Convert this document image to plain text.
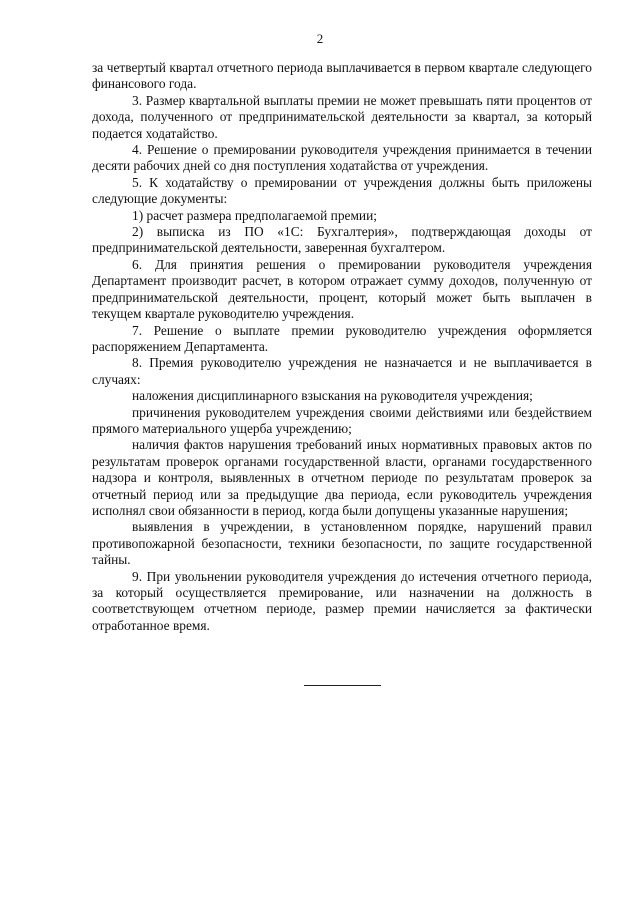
2

за четвертый квартал отчетного периода выплачивается в первом квартале следующего финансового года.

3. Размер квартальной выплаты премии не может превышать пяти процентов от дохода, полученного от предпринимательской деятельности за квартал, за который подается ходатайство.

4. Решение о премировании руководителя учреждения принимается в течении десяти рабочих дней со дня поступления ходатайства от учреждения.

5. К ходатайству о премировании от учреждения должны быть приложены следующие документы:

1) расчет размера предполагаемой премии;

2) выписка из ПО «1С: Бухгалтерия», подтверждающая доходы от предпринимательской деятельности, заверенная бухгалтером.

6. Для принятия решения о премировании руководителя учреждения Департамент производит расчет, в котором отражает сумму доходов, полученную от предпринимательской деятельности, процент, который может быть выплачен в текущем квартале руководителю учреждения.

7. Решение о выплате премии руководителю учреждения оформляется распоряжением Департамента.

8. Премия руководителю учреждения не назначается и не выплачивается в случаях:

наложения дисциплинарного взыскания на руководителя учреждения;

причинения руководителем учреждения своими действиями или бездействием прямого материального ущерба учреждению;

наличия фактов нарушения требований иных нормативных правовых актов по результатам проверок органами государственной власти, органами государственного надзора и контроля, выявленных в отчетном периоде по результатам проверок за отчетный период или за предыдущие два периода, если руководитель учреждения исполнял свои обязанности в период, когда были допущены указанные нарушения;

выявления в учреждении, в установленном порядке, нарушений правил противопожарной безопасности, техники безопасности, по защите государственной тайны.

9. При увольнении руководителя учреждения до истечения отчетного периода, за который осуществляется премирование, или назначении на должность в соответствующем отчетном периоде, размер премии начисляется за фактически отработанное время.
